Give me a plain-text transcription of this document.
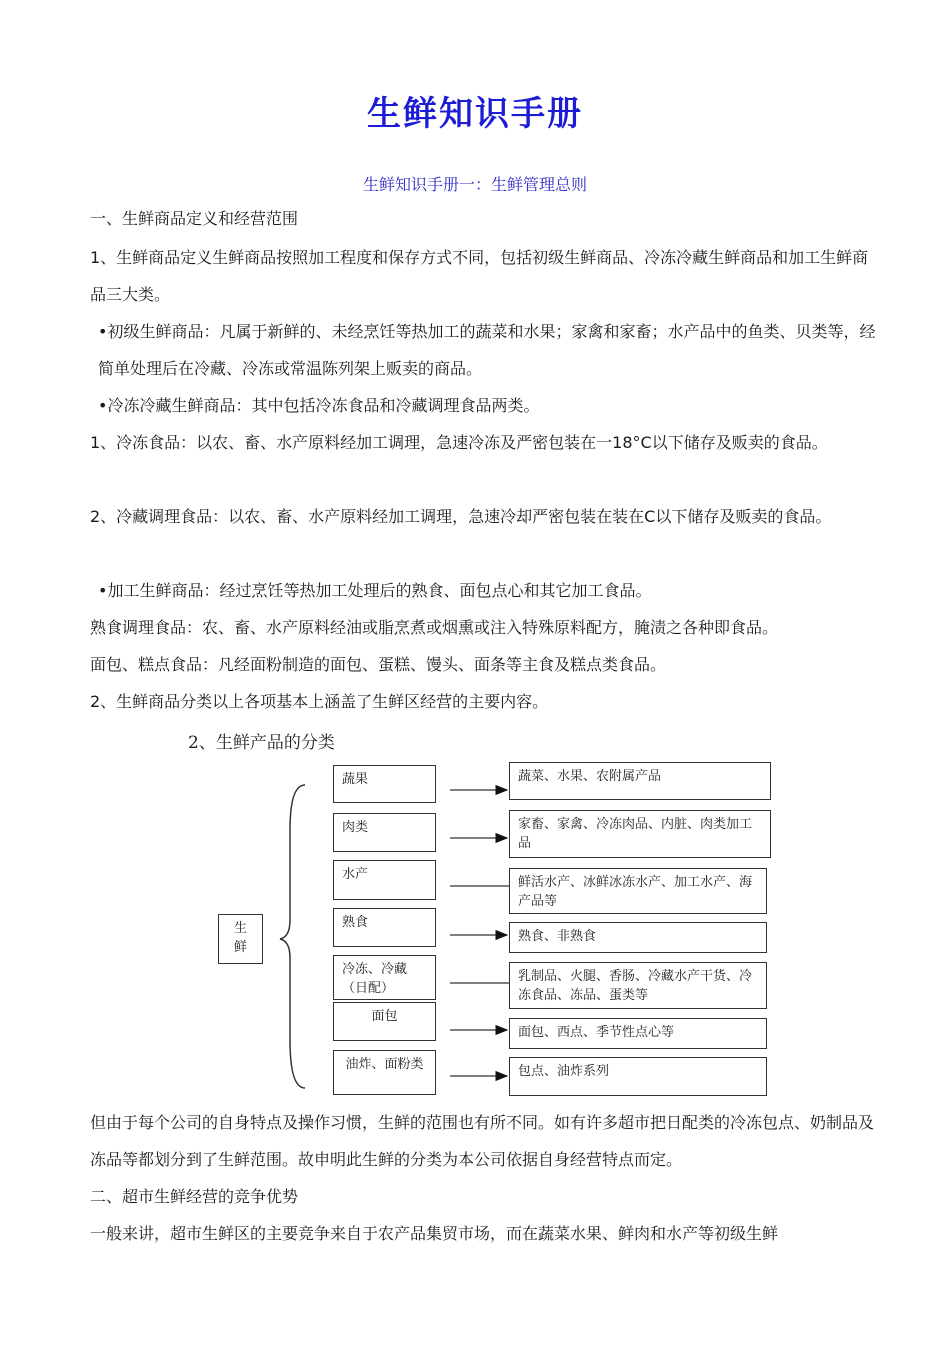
生鲜知识手册

生鲜知识手册一：生鲜管理总则

一、生鲜商品定义和经营范围

1、生鲜商品定义生鲜商品按照加工程度和保存方式不同，包括初级生鲜商品、冷冻冷藏生鲜商品和加工生鲜商品三大类。

•初级生鲜商品：凡属于新鲜的、未经烹饪等热加工的蔬菜和水果；家禽和家畜；水产品中的鱼类、贝类等，经简单处理后在冷藏、冷冻或常温陈列架上贩卖的商品。

•冷冻冷藏生鲜商品：其中包括冷冻食品和冷藏调理食品两类。

1、冷冻食品：以农、畜、水产原料经加工调理，急速冷冻及严密包装在一18°C以下储存及贩卖的食品。

2、冷藏调理食品：以农、畜、水产原料经加工调理，急速冷却严密包装在装在C以下储存及贩卖的食品。

•加工生鲜商品：经过烹饪等热加工处理后的熟食、面包点心和其它加工食品。

熟食调理食品：农、畜、水产原料经油或脂烹煮或烟熏或注入特殊原料配方，腌渍之各种即食品。

面包、糕点食品：凡经面粉制造的面包、蛋糕、馒头、面条等主食及糕点类食品。

2、生鲜商品分类以上各项基本上涵盖了生鲜区经营的主要内容。

2、生鲜产品的分类

生鲜
蔬果
肉类
水产
熟食
冷冻、冷藏（日配）
面包
油炸、面粉类
蔬菜、水果、农附属产品
家畜、家禽、冷冻肉品、内脏、肉类加工品
鲜活水产、冰鲜冰冻水产、加工水产、海产品等
熟食、非熟食
乳制品、火腿、香肠、冷藏水产干货、冷冻食品、冻品、蛋类等
面包、西点、季节性点心等
包点、油炸系列

但由于每个公司的自身特点及操作习惯，生鲜的范围也有所不同。如有许多超市把日配类的冷冻包点、奶制品及冻品等都划分到了生鲜范围。故申明此生鲜的分类为本公司依据自身经营特点而定。

二、超市生鲜经营的竞争优势

一般来讲，超市生鲜区的主要竞争来自于农产品集贸市场，而在蔬菜水果、鲜肉和水产等初级生鲜
